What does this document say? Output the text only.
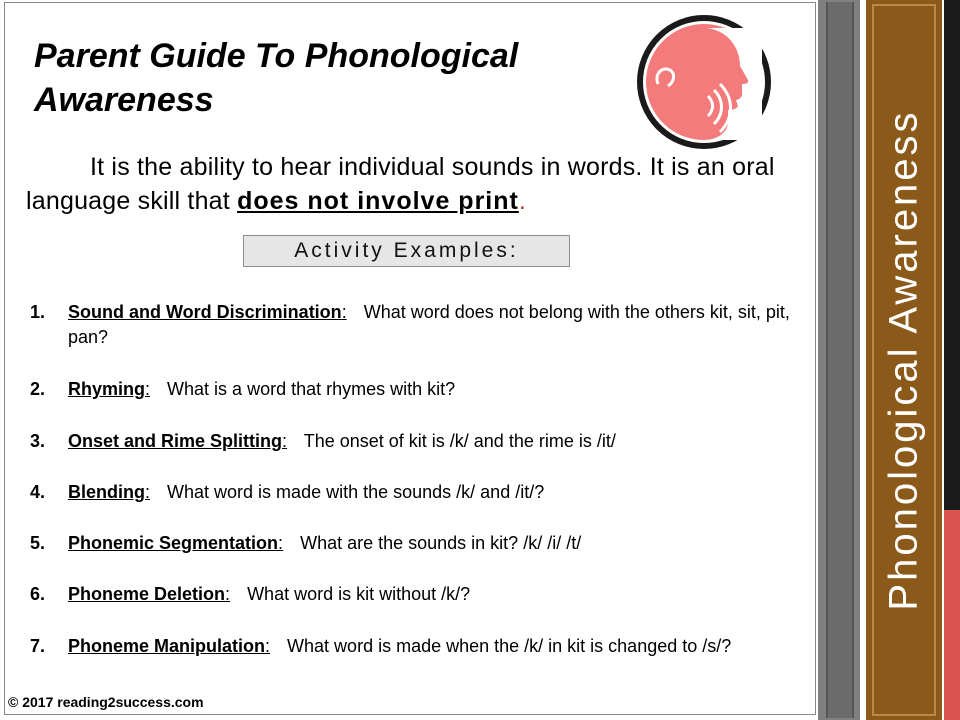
Parent Guide To Phonological Awareness
It is the ability to hear individual sounds in words. It is an oral language skill that does not involve print.
Activity Examples:
1.	Sound and Word Discrimination: What word does not belong with the others kit, sit, pit, pan?
2.	Rhyming: What is a word that rhymes with kit?
3.	Onset and Rime Splitting: The onset of kit is /k/ and the rime is /it/
4.	Blending: What word is made with the sounds /k/ and /it/?
5.	Phonemic Segmentation: What are the sounds in kit? /k/ /i/ /t/
6.	Phoneme Deletion: What word is kit without /k/?
7.	Phoneme Manipulation: What word is made when the /k/ in kit is changed to /s/?
© 2017 reading2success.com
Phonological Awareness
